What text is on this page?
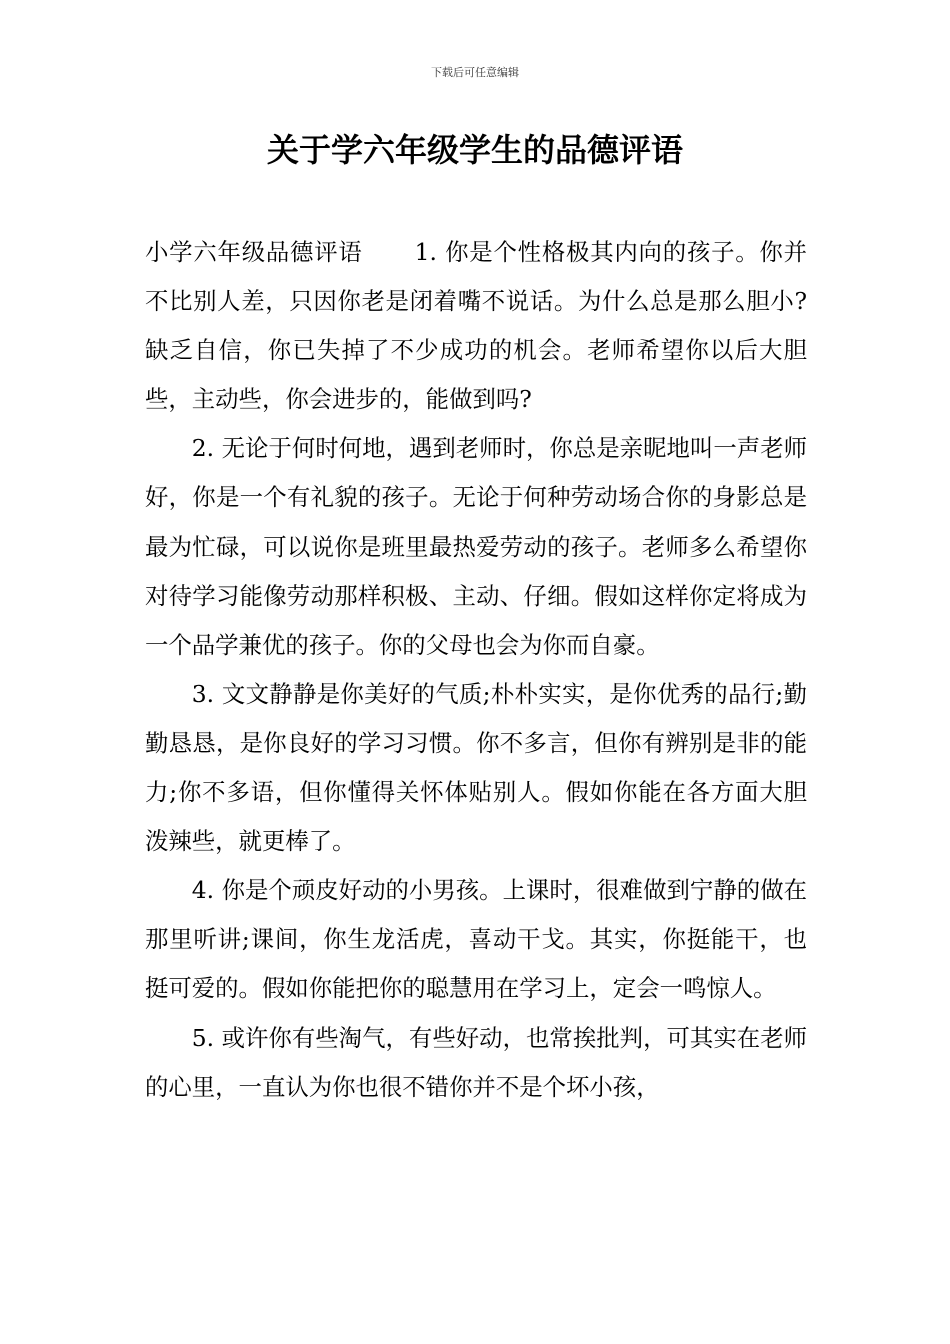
下载后可任意编辑
关于学六年级学生的品德评语

小学六年级品德评语 1. 你是个性格极其内向的孩子。你并不比别人差，只因你老是闭着嘴不说话。为什么总是那么胆小?缺乏自信，你已失掉了不少成功的机会。老师希望你以后大胆些，主动些，你会进步的，能做到吗?

2. 无论于何时何地，遇到老师时，你总是亲昵地叫一声老师好，你是一个有礼貌的孩子。无论于何种劳动场合你的身影总是最为忙碌，可以说你是班里最热爱劳动的孩子。老师多么希望你对待学习能像劳动那样积极、主动、仔细。假如这样你定将成为一个品学兼优的孩子。你的父母也会为你而自豪。

3. 文文静静是你美好的气质;朴朴实实，是你优秀的品行;勤勤恳恳，是你良好的学习习惯。你不多言，但你有辨别是非的能力;你不多语，但你懂得关怀体贴别人。假如你能在各方面大胆泼辣些，就更棒了。

4. 你是个顽皮好动的小男孩。上课时，很难做到宁静的做在那里听讲;课间，你生龙活虎，喜动干戈。其实，你挺能干，也挺可爱的。假如你能把你的聪慧用在学习上，定会一鸣惊人。

5. 或许你有些淘气，有些好动，也常挨批判，可其实在老师的心里，一直认为你也很不错你并不是个坏小孩，
